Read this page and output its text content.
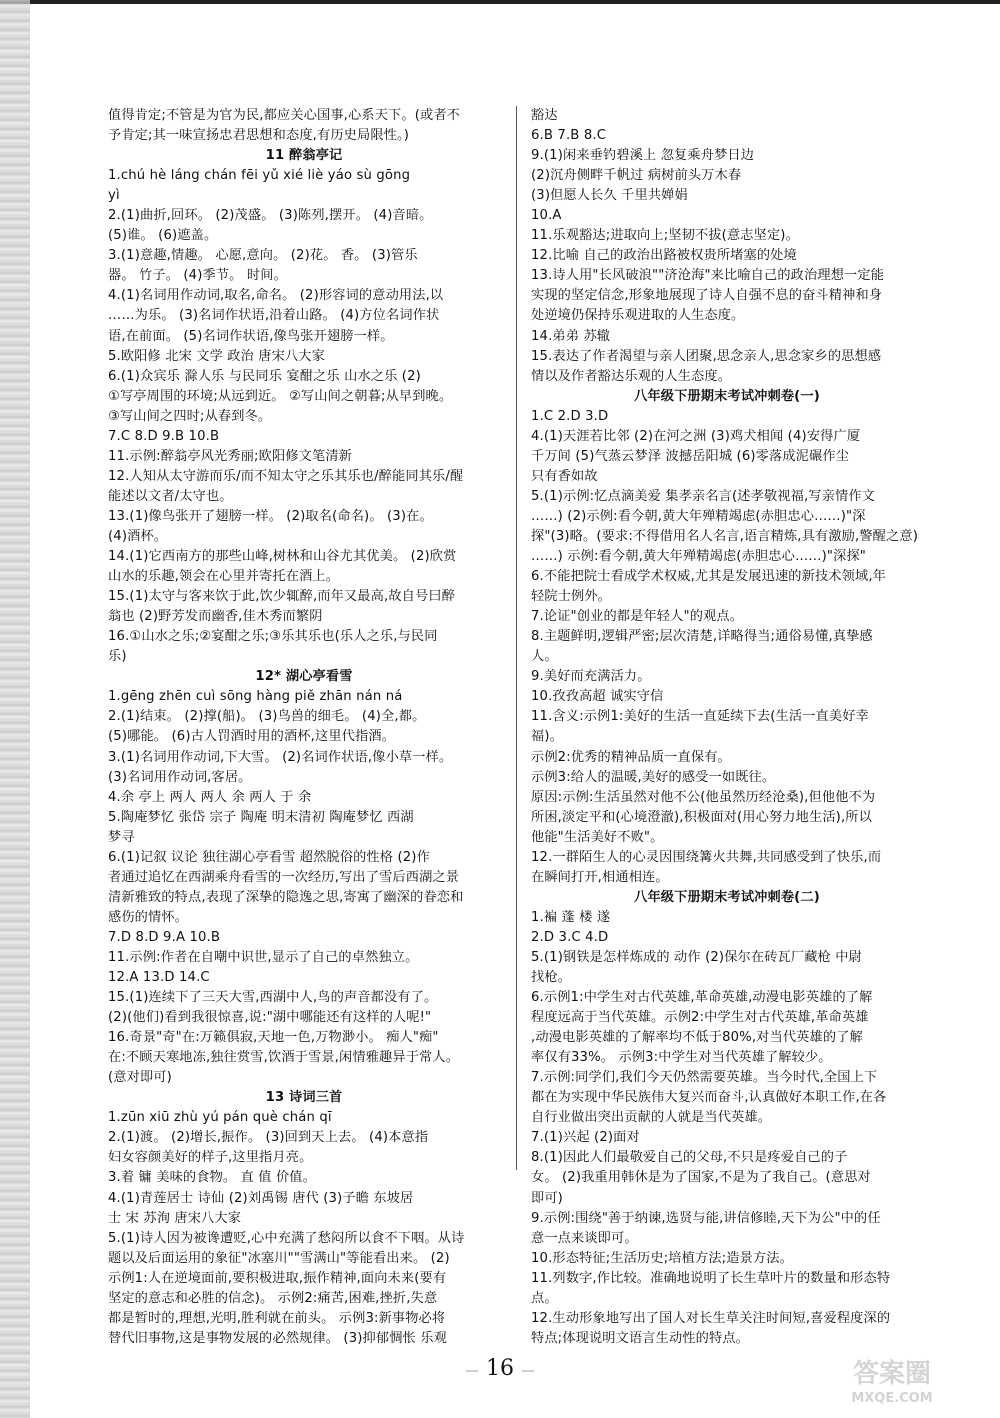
值得肯定;不管是为官为民,都应关心国事,心系天下。(或者不
予肯定;其一味宣扬忠君思想和态度,有历史局限性。)
11 醉翁亭记
1.chú hè láng chán fēi yǔ xié liè yáo sù gōng
yì
2.(1)曲折,回环。 (2)茂盛。 (3)陈列,摆开。 (4)音暗。
(5)谁。 (6)遮盖。
3.(1)意趣,情趣。 心愿,意向。 (2)花。 香。 (3)管乐
器。 竹子。 (4)季节。 时间。
4.(1)名词用作动词,取名,命名。 (2)形容词的意动用法,以
……为乐。 (3)名词作状语,沿着山路。 (4)方位名词作状
语,在前面。 (5)名词作状语,像鸟张开翅膀一样。
5.欧阳修 北宋 文学 政治 唐宋八大家
6.(1)众宾乐 滁人乐 与民同乐 宴酣之乐 山水之乐 (2)
①写亭周围的环境;从远到近。 ②写山间之朝暮;从早到晚。
③写山间之四时;从春到冬。
7.C 8.D 9.B 10.B
11.示例:醉翁亭风光秀丽;欧阳修文笔清新
12.人知从太守游而乐/而不知太守之乐其乐也/醉能同其乐/醒
能述以文者/太守也。
13.(1)像鸟张开了翅膀一样。 (2)取名(命名)。 (3)在。
(4)酒杯。
14.(1)它西南方的那些山峰,树林和山谷尤其优美。 (2)欣赏
山水的乐趣,领会在心里并寄托在酒上。
15.(1)太守与客来饮于此,饮少辄醉,而年又最高,故自号曰醉
翁也 (2)野芳发而幽香,佳木秀而繁阴
16.①山水之乐;②宴酣之乐;③乐其乐也(乐人之乐,与民同
乐)
12* 湖心亭看雪
1.gēng zhēn cuì sōng hàng piě zhān nán ná
2.(1)结束。 (2)撑(船)。 (3)鸟兽的细毛。 (4)全,都。
(5)哪能。 (6)古人罚酒时用的酒杯,这里代指酒。
3.(1)名词用作动词,下大雪。 (2)名词作状语,像小草一样。
(3)名词用作动词,客居。
4.余 亭上 两人 两人 余 两人 于 余
5.陶庵梦忆 张岱 宗子 陶庵 明末清初 陶庵梦忆 西湖
梦寻
6.(1)记叙 议论 独往湖心亭看雪 超然脱俗的性格 (2)作
者通过追忆在西湖乘舟看雪的一次经历,写出了雪后西湖之景
清新雅致的特点,表现了深挚的隐逸之思,寄寓了幽深的眷恋和
感伤的情怀。
7.D 8.D 9.A 10.B
11.示例:作者在自嘲中识世,显示了自己的卓然独立。
12.A 13.D 14.C
15.(1)连续下了三天大雪,西湖中人,鸟的声音都没有了。
(2)(他们)看到我很惊喜,说:"湖中哪能还有这样的人呢!"
16.奇景"奇"在:万籁俱寂,天地一色,万物渺小。 痴人"痴"
在:不顾天寒地冻,独往赏雪,饮酒于雪景,闲情雅趣异于常人。
(意对即可)
13 诗词三首
1.zūn xiū zhù yú pán què chán qī
2.(1)渡。 (2)增长,振作。 (3)回到天上去。 (4)本意指
妇女容颜美好的样子,这里指月亮。
3.着 镛 美味的食物。 直 值 价值。
4.(1)青莲居士 诗仙 (2)刘禹锡 唐代 (3)子瞻 东坡居
士 宋 苏洵 唐宋八大家
5.(1)诗人因为被谗遭贬,心中充满了愁闷所以食不下咽。从诗
题以及后面运用的象征"冰塞川""雪满山"等能看出来。 (2)
示例1:人在逆境面前,要积极进取,振作精神,面向未来(要有
坚定的意志和必胜的信念)。 示例2:痛苦,困难,挫折,失意
都是暂时的,理想,光明,胜利就在前头。 示例3:新事物必将
替代旧事物,这是事物发展的必然规律。 (3)抑郁惆怅 乐观
豁达
6.B 7.B 8.C
9.(1)闲来垂钓碧溪上 忽复乘舟梦日边
(2)沉舟侧畔千帆过 病树前头万木春
(3)但愿人长久 千里共婵娟
10.A
11.乐观豁达;进取向上;坚韧不拔(意志坚定)。
12.比喻 自己的政治出路被权贵所堵塞的处境
13.诗人用"长风破浪""济沧海"来比喻自己的政治理想一定能
实现的坚定信念,形象地展现了诗人自强不息的奋斗精神和身
处逆境仍保持乐观进取的人生态度。
14.弟弟 苏辙
15.表达了作者渴望与亲人团聚,思念亲人,思念家乡的思想感
情以及作者豁达乐观的人生态度。
八年级下册期末考试冲刺卷(一)
1.C 2.D 3.D
4.(1)天涯若比邻 (2)在河之洲 (3)鸡犬相闻 (4)安得广厦
千万间 (5)气蒸云梦泽 波撼岳阳城 (6)零落成泥碾作尘
只有香如故
5.(1)示例:忆点滴美爱 集孝亲名言(述孝敬视福,写亲情作文
……) (2)示例:看今朝,黄大年殚精竭虑(赤胆忠心……)"深
探"(3)略。(要求:不得借用名人名言,语言精炼,具有激励,警醒之意)
……) 示例:看今朝,黄大年殚精竭虑(赤胆忠心……)"深探"
6.不能把院士看成学术权威,尤其是发展迅速的新技术领域,年
轻院士例外。
7.论证"创业的都是年轻人"的观点。
8.主题鲜明,逻辑严密;层次清楚,详略得当;通俗易懂,真挚感
人。
9.美好而充满活力。
10.孜孜高超 诚实守信
11.含义:示例1:美好的生活一直延续下去(生活一直美好幸
福)。
示例2:优秀的精神品质一直保有。
示例3:给人的温暖,美好的感受一如既往。
原因:示例:生活虽然对他不公(他虽然历经沧桑),但他他不为
所困,淡定平和(心境澄澈),积极面对(用心努力地生活),所以
他能"生活美好不败"。
12.一群陌生人的心灵因围绕篝火共舞,共同感受到了快乐,而
在瞬间打开,相通相连。
八年级下册期末考试冲刺卷(二)
1.褊 蓬 楼 遂
2.D 3.C 4.D
5.(1)钢铁是怎样炼成的 动作 (2)保尔在砖瓦厂藏枪 中尉
找枪。
6.示例1:中学生对古代英雄,革命英雄,动漫电影英雄的了解
程度远高于当代英雄。示例2:中学生对古代英雄,革命英雄
,动漫电影英雄的了解率均不低于80%,对当代英雄的了解
率仅有33%。 示例3:中学生对当代英雄了解较少。
7.示例:同学们,我们今天仍然需要英雄。当今时代,全国上下
都在为实现中华民族伟大复兴而奋斗,认真做好本职工作,在各
自行业做出突出贡献的人就是当代英雄。
7.(1)兴起 (2)面对
8.(1)因此人们最敬爱自己的父母,不只是疼爱自己的子
女。 (2)我重用韩休是为了国家,不是为了我自己。(意思对
即可)
9.示例:围绕"善于纳谏,选贤与能,讲信修睦,天下为公"中的任
意一点来谈即可。
10.形态特征;生活历史;培植方法;造景方法。
11.列数字,作比较。准确地说明了长生草叶片的数量和形态特
点。
12.生动形象地写出了国人对长生草关注时间短,喜爱程度深的
特点;体现说明文语言生动性的特点。
— 16 —	答案圈
MXQE.COM
